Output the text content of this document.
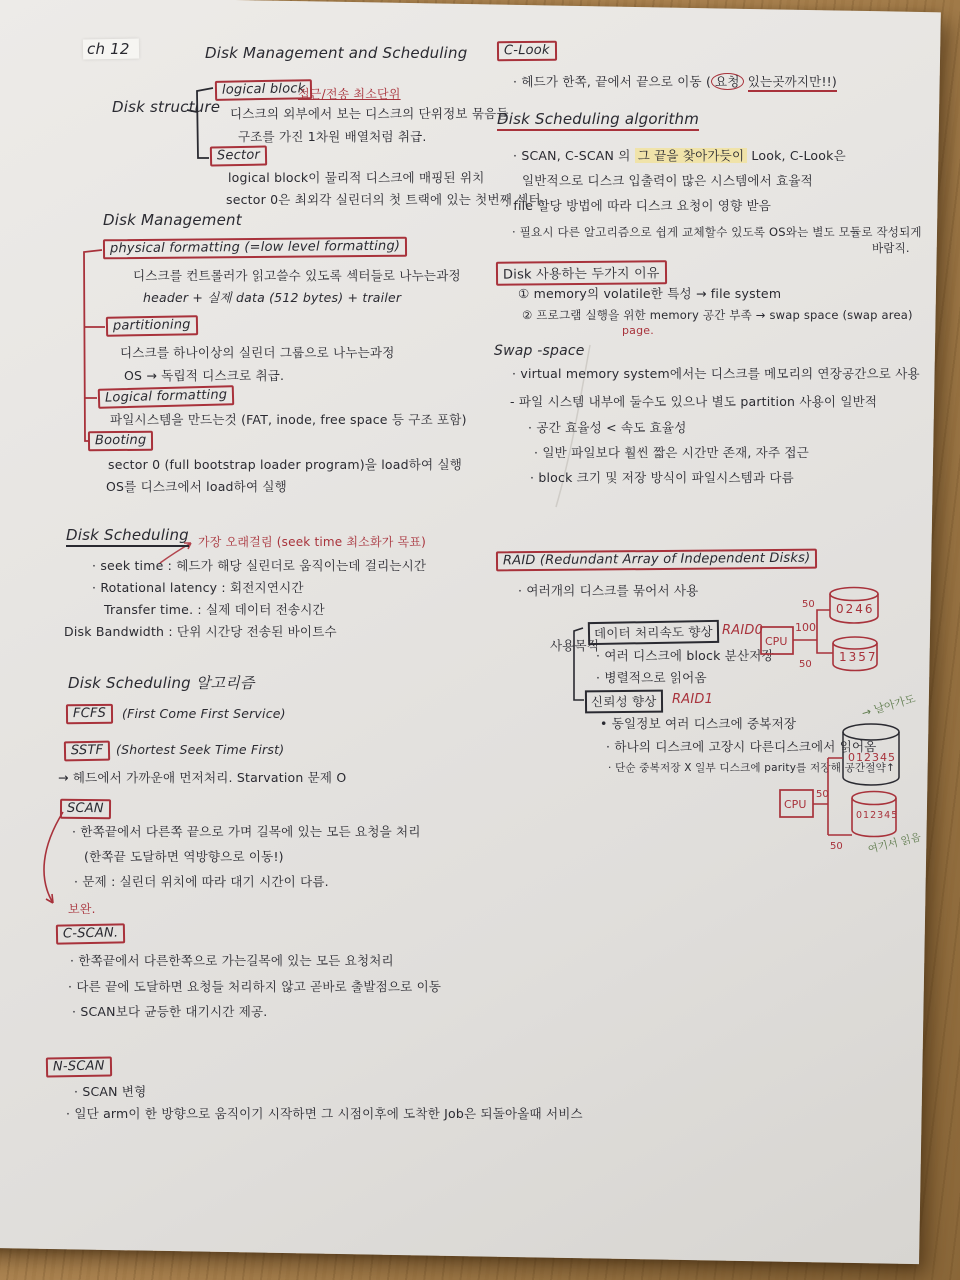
ch 12	Disk Management and Scheduling
Disk structure
logical block
접근/전송 최소단위
디스크의 외부에서 보는 디스크의 단위정보 묶음들
구조를 가진 1차원 배열처럼 취급.
Sector
logical block이 물리적 디스크에 매핑된 위치
sector 0은 최외각 실린더의 첫 트랙에 있는 첫번째 섹터.
Disk Management
physical formatting (=low level formatting)
디스크를 컨트롤러가 읽고쓸수 있도록 섹터들로 나누는과정
header + 실제 data (512 bytes) + trailer
partitioning
디스크를 하나이상의 실린더 그룹으로 나누는과정
OS → 독립적 디스크로 취급.
Logical formatting
파일시스템을 만드는것 (FAT, inode, free space 등 구조 포함)
Booting
sector 0 (full bootstrap loader program)을 load하여 실행
OS를 디스크에서 load하여 실행
Disk Scheduling 가장 오래걸림 (seek time 최소화가 목표)
· seek time : 헤드가 해당 실린더로 움직이는데 걸리는시간
· Rotational latency : 회전지연시간
Transfer time. : 실제 데이터 전송시간
Disk Bandwidth : 단위 시간당 전송된 바이트수
Disk Scheduling 알고리즘
FCFS	(First Come First Service)
SSTF	(Shortest Seek Time First)
→ 헤드에서 가까운애 먼저처리. Starvation 문제 O
SCAN
· 한쪽끝에서 다른쪽 끝으로 가며 길목에 있는 모든 요청을 처리
(한쪽끝 도달하면 역방향으로 이동!)
· 문제 : 실린더 위치에 따라 대기 시간이 다름.
보완.
C-SCAN.
· 한쪽끝에서 다른한쪽으로 가는길목에 있는 모든 요청처리
· 다른 끝에 도달하면 요청들 처리하지 않고 곧바로 출발점으로 이동
· SCAN보다 균등한 대기시간 제공.
N-SCAN
· SCAN 변형
· 일단 arm이 한 방향으로 움직이기 시작하면 그 시점이후에 도착한 Job은 되돌아올때 서비스
C-Look
· 헤드가 한쪽, 끝에서 끝으로 이동 ( 요청 있는곳까지만!!)
Disk Scheduling algorithm
· SCAN, C-SCAN 의 그 끝을 찾아가듯이 Look, C-Look은
일반적으로 디스크 입출력이 많은 시스템에서 효율적
· file 할당 방법에 따라 디스크 요청이 영향 받음
· 필요시 다른 알고리즘으로 쉽게 교체할수 있도록 OS와는 별도 모듈로 작성되게
바람직.
Disk 사용하는 두가지 이유
① memory의 volatile한 특성 → file system
② 프로그램 실행을 위한 memory 공간 부족 → swap space (swap area)
page.
Swap -space
· virtual memory system에서는 디스크를 메모리의 연장공간으로 사용
- 파일 시스템 내부에 둘수도 있으나 별도 partition 사용이 일반적
· 공간 효율성 < 속도 효율성
· 일반 파일보다 훨씬 짧은 시간만 존재, 자주 접근
· block 크기 및 저장 방식이 파일시스템과 다름
RAID (Redundant Array of Independent Disks)
· 여러개의 디스크를 묶어서 사용
사용목적
데이터 처리속도 향상 RAID0
· 여러 디스크에 block 분산저장
· 병렬적으로 읽어옴
신뢰성 향상	RAID1
• 동일정보 여러 디스크에 중복저장
· 하나의 디스크에 고장시 다른디스크에서 읽어옴
· 단순 중복저장 X 일부 디스크에 parity를 저장해 공간절약↑
CPU
100
50
50
0246
1357
→ 날아가도
012345
CPU
50
50
012345
여기서 읽음
